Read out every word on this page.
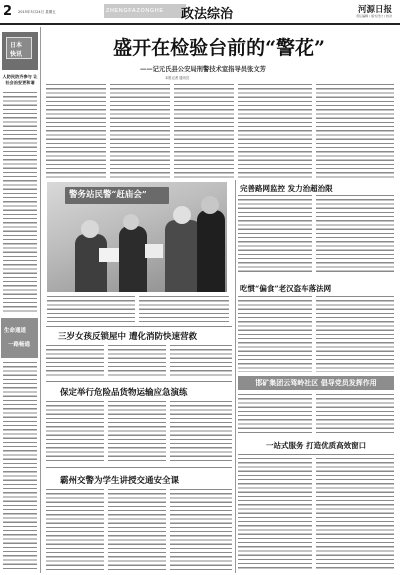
2 2015年3月24日 星期五	ZHENGFAZONGHE 政法综治	河源日报
责任编辑 / 版式设计 / 校对
日本
快讯
人防民防齐参与 让社会治安更和谐
生命通道
一路畅通
盛开在检验台前的“警花”
——记元氏县公安局刑警技术室指导员张文芳
本报记者 通讯员
警务站民警“赶庙会”
完善路网监控 发力治超治限
吃惯“偏食”老汉盗车落法网
三岁女孩反锁屋中 遭化消防快速营救
邯矿集团云驾岭社区 倡导党员发挥作用
保定举行危险品货物运输应急演练
一站式服务 打造优质高效窗口
霸州交警为学生讲授交通安全课
